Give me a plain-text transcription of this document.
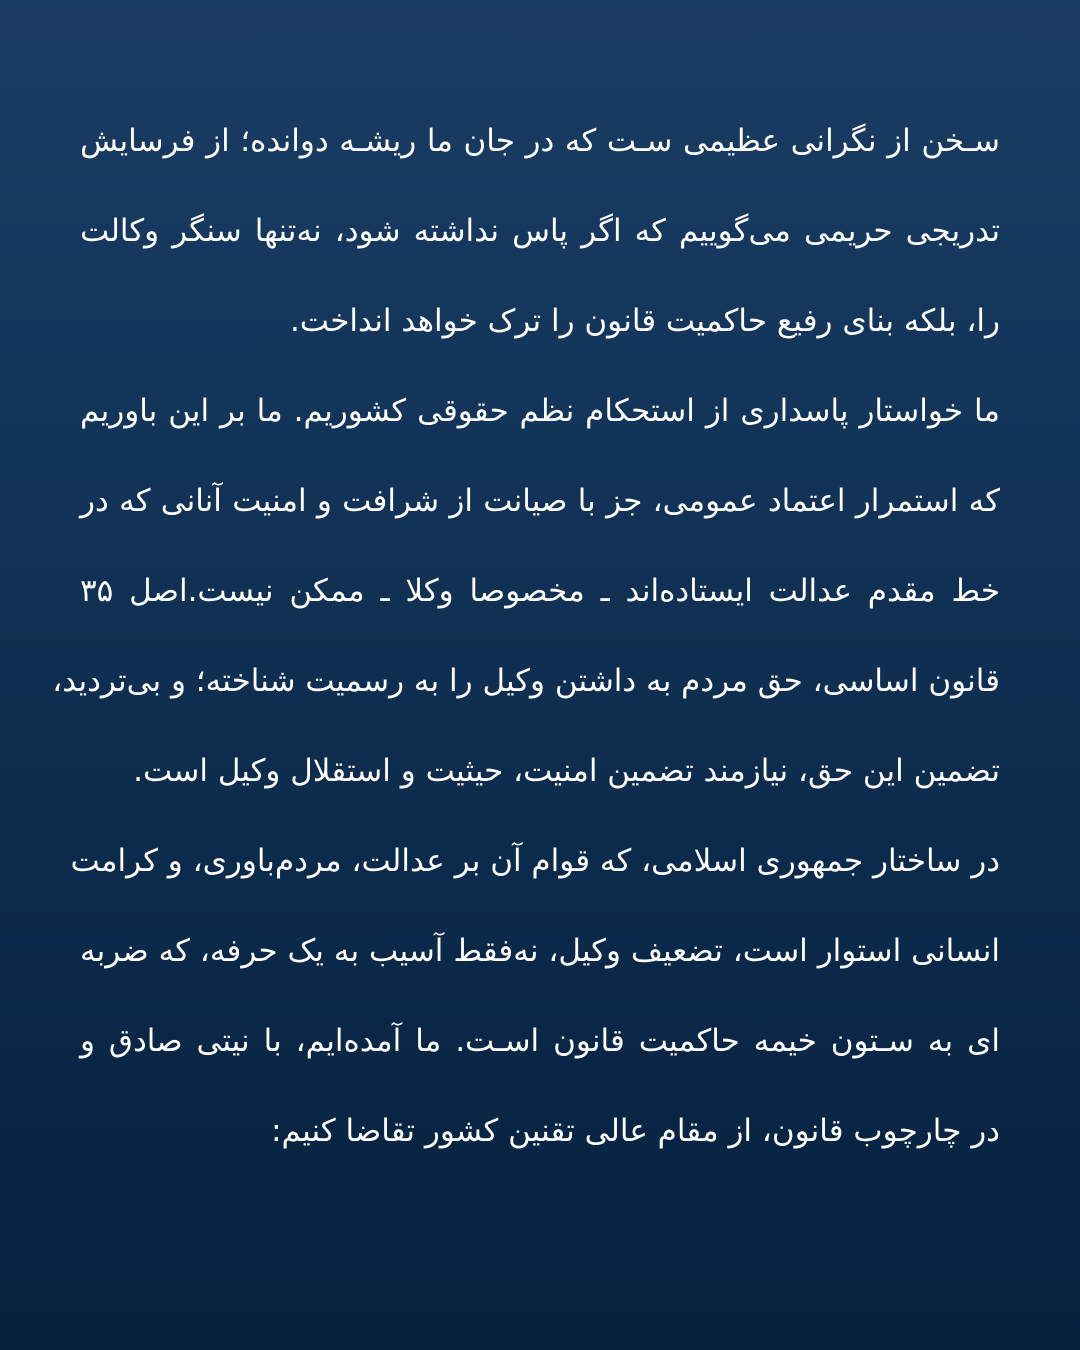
سـخن از نگرانی عظیمی سـت که در جان ما ریشـه دوانده؛ از فرسایش
تدریجی حریمی می‌گوییم که اگر پاس نداشته شود، نه‌تنها سنگر وکالت
را، بلکه بنای رفیع حاکمیت قانون را ترک خواهد انداخت.
ما خواستار پاسداری از استحکام نظم حقوقی کشوریم. ما بر این باوریم
که استمرار اعتماد عمومی، جز با صیانت از شرافت و امنیت آنانی که در
خط مقدم عدالت ایستاده‌اند ـ مخصوصا وکلا ـ ممکن نیست.اصل ۳۵
قانون اساسی، حق مردم به داشتن وکیل را به رسمیت شناخته؛ و بی‌تردید،
تضمین این حق، نیازمند تضمین امنیت، حیثیت و استقلال وکیل است.
در ساختار جمهوری اسلامی، که قوام آن بر عدالت، مردم‌باوری، و کرامت
انسانی استوار است، تضعیف وکیل، نه‌فقط آسیب به یک حرفه، که ضربه
ای به سـتون خیمه حاکمیت قانون اسـت. ما آمده‌ایم، با نیتی صادق و
در چارچوب قانون، از مقام عالی تقنین کشور تقاضا کنیم:
